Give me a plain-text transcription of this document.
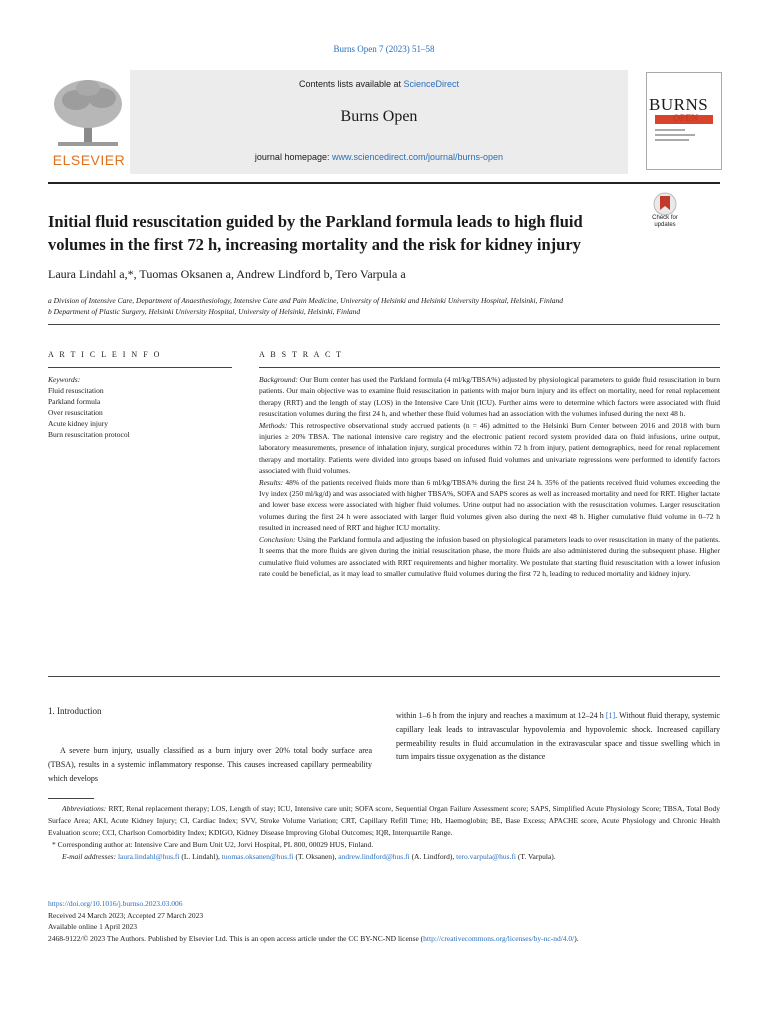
Burns Open 7 (2023) 51–58
ELSEVIER
Contents lists available at ScienceDirect
Burns Open
journal homepage: www.sciencedirect.com/journal/burns-open
BURNS
OPEN
Initial fluid resuscitation guided by the Parkland formula leads to high fluid volumes in the first 72 h, increasing mortality and the risk for kidney injury
Check for updates
Laura Lindahl a,*, Tuomas Oksanen a, Andrew Lindford b, Tero Varpula a
a Division of Intensive Care, Department of Anaesthesiology, Intensive Care and Pain Medicine, University of Helsinki and Helsinki University Hospital, Helsinki, Finland
b Department of Plastic Surgery, Helsinki University Hospital, University of Helsinki, Helsinki, Finland
A R T I C L E I N F O	A B S T R A C T
Keywords:
Fluid resuscitation
Parkland formula
Over resuscitation
Acute kidney injury
Burn resuscitation protocol

Background: Our Burn center has used the Parkland formula (4 ml/kg/TBSA%) adjusted by physiological parameters to guide fluid resuscitation in burn patients. Our main objective was to examine fluid resuscitation in patients with major burn injury and its effect on mortality, need for renal replacement therapy (RRT) and the length of stay (LOS) in the Intensive Care Unit (ICU). Further aims were to determine which factors were associated with fluid resuscitation volumes during the first 24 h, and whether these fluid volumes had an association with the volumes infused during the next 48 h.

Methods: This retrospective observational study accrued patients (n = 46) admitted to the Helsinki Burn Center between 2016 and 2018 with burn injuries ≥ 20% TBSA. The national intensive care registry and the electronic patient record system provided data on fluid infusions, urine output, laboratory measurements, presence of inhalation injury, surgical procedures within 72 h from injury, patient demographics, need for renal replacement therapy and mortality. Patients were divided into groups based on infused fluid volumes and univariate regressions were performed to identify factors associated with fluid volumes.

Results: 48% of the patients received fluids more than 6 ml/kg/TBSA% during the first 24 h. 35% of the patients received fluid volumes exceeding the Ivy index (250 ml/kg/d) and was associated with higher TBSA%, SOFA and SAPS scores as well as increased mortality and need for RRT. Higher lactate and lower base excess were associated with higher fluid volumes. Urine output had no association with the resuscitation volumes. Larger resuscitation volumes during the first 24 h were associated with larger fluid volumes given also during the next 48 h. Higher cumulative fluid volume in 0–72 h resulted in increased need of RRT and higher ICU mortality.

Conclusion: Using the Parkland formula and adjusting the infusion based on physiological parameters leads to over resuscitation in many of the patients. It seems that the more fluids are given during the initial resuscitation phase, the more fluids are also administered during the subsequent phase. Higher cumulative fluid volumes are associated with RRT requirements and higher mortality. We postulate that starting fluid resuscitation with a lower infusion rate could be beneficial, as it may lead to smaller cumulative fluid volumes during the first 72 h, leading to reduced mortality and kidney injury.

1. Introduction
A severe burn injury, usually classified as a burn injury over 20% total body surface area (TBSA), results in a systemic inflammatory response. This causes increased capillary permeability which develops
within 1–6 h from the injury and reaches a maximum at 12–24 h [1]. Without fluid therapy, systemic capillary leak leads to intravascular hypovolemia and hypovolemic shock. Increased capillary permeability results in fluid accumulation in the extravascular space and tissue swelling which in turn impairs tissue oxygenation as the distance

Abbreviations: RRT, Renal replacement therapy; LOS, Length of stay; ICU, Intensive care unit; SOFA score, Sequential Organ Failure Assessment score; SAPS, Simplified Acute Physiology Score; TBSA, Total Body Surface Area; AKI, Acute Kidney Injury; CI, Cardiac Index; SVV, Stroke Volume Variation; CRT, Capillary Refill Time; Hb, Haemoglobin; BE, Base Excess; APACHE score, Acute Physiology and Chronic Health Evaluation score; CCI, Charlson Comorbidity Index; KDIGO, Kidney Disease Improving Global Outcomes; IQR, Interquartile Range.

* Corresponding author at: Intensive Care and Burn Unit U2, Jorvi Hospital, PL 800, 00029 HUS, Finland.

E-mail addresses: laura.lindahl@hus.fi (L. Lindahl), tuomas.oksanen@hus.fi (T. Oksanen), andrew.lindford@hus.fi (A. Lindford), tero.varpula@hus.fi (T. Varpula).

https://doi.org/10.1016/j.burnso.2023.03.006

Received 24 March 2023; Accepted 27 March 2023

Available online 1 April 2023

2468-9122/© 2023 The Authors. Published by Elsevier Ltd. This is an open access article under the CC BY-NC-ND license (http://creativecommons.org/licenses/by-nc-nd/4.0/).
